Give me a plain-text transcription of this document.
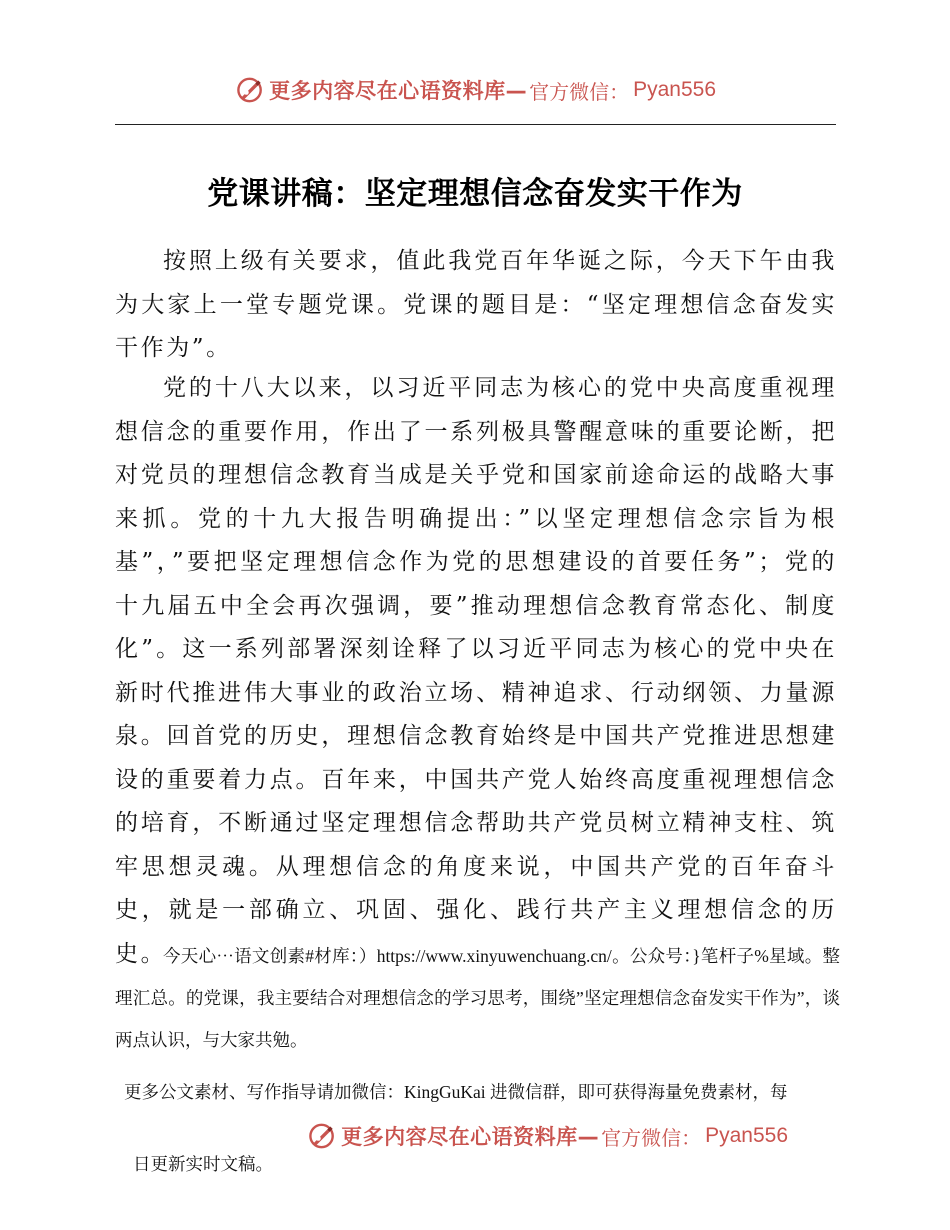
更多内容尽在心语资料库— 官方微信： Pyan556
党课讲稿：坚定理想信念奋发实干作为

按照上级有关要求，值此我党百年华诞之际，今天下午由我为大家上一堂专题党课。党课的题目是：“坚定理想信念奋发实干作为”。

党的十八大以来，以习近平同志为核心的党中央高度重视理想信念的重要作用，作出了一系列极具警醒意味的重要论断，把对党员的理想信念教育当成是关乎党和国家前途命运的战略大事来抓。党的十九大报告明确提出：”以坚定理想信念宗旨为根基”，”要把坚定理想信念作为党的思想建设的首要任务”；党的十九届五中全会再次强调，要”推动理想信念教育常态化、制度化”。这一系列部署深刻诠释了以习近平同志为核心的党中央在新时代推进伟大事业的政治立场、精神追求、行动纲领、力量源泉。回首党的历史，理想信念教育始终是中国共产党推进思想建设的重要着力点。百年来，中国共产党人始终高度重视理想信念的培育，不断通过坚定理想信念帮助共产党员树立精神支柱、筑牢思想灵魂。从理想信念的角度来说，中国共产党的百年奋斗史，就是一部确立、巩固、强化、践行共产主义理想信念的历史。

今天心⋯语文创素#材库：）https://www.xinyuwenchuang.cn/。公众号：}笔杆子%星域。整理汇总。的党课，我主要结合对理想信念的学习思考，围绕”坚定理想信念奋发实干作为”，谈两点认识，与大家共勉。

更多公文素材、写作指导请加微信：KingGuKai 进微信群，即可获得海量免费素材，每

更多内容尽在心语资料库— 官方微信： Pyan556

日更新实时文稿。
